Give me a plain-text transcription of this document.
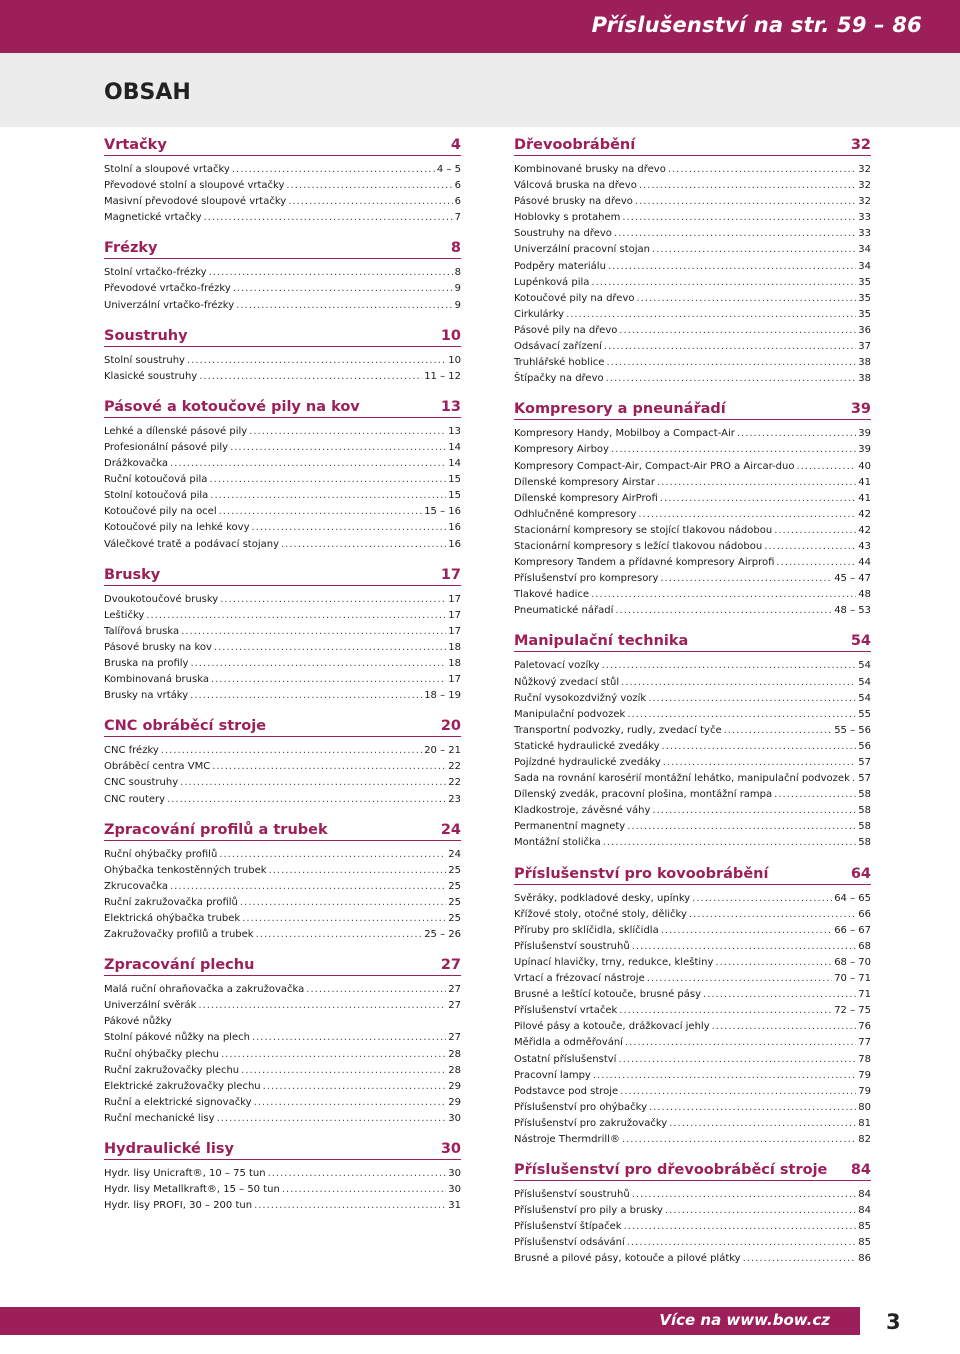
Příslušenství na str. 59 – 86
OBSAH
Vrtačky	4
Stolní a sloupové vrtačky .....	4 – 5
Převodové stolní a sloupové vrtačky .....	6
Masivní převodové sloupové vrtačky .....	6
Magnetické vrtačky .....	7
Frézky	8
Stolní vrtačko-frézky .....	8
Převodové vrtačko-frézky .....	9
Univerzální vrtačko-frézky .....	9
Soustruhy	10
Stolní soustruhy .....	10
Klasické soustruhy .....	11 – 12
Pásové a kotoučové pily na kov	13
Lehké a dílenské pásové pily .....	13
Profesionální pásové pily .....	14
Drážkovačka .....	14
Ruční kotoučová pila .....	15
Stolní kotoučová pila .....	15
Kotoučové pily na ocel .....	15 – 16
Kotoučové pily na lehké kovy .....	16
Válečkové tratě a podávací stojany .....	16
Brusky	17
Dvoukotoučové brusky .....	17
Leštičky .....	17
Talířová bruska .....	17
Pásové brusky na kov .....	18
Bruska na profily .....	18
Kombinovaná bruska .....	17
Brusky na vrtáky .....	18 – 19
CNC obráběcí stroje	20
CNC frézky .....	20 – 21
Obráběcí centra VMC .....	22
CNC soustruhy .....	22
CNC routery .....	23
Zpracování profilů a trubek	24
Ruční ohýbačky profilů .....	24
Ohýbačka tenkostěnných trubek .....	25
Zkrucovačka .....	25
Ruční zakružovačka profilů .....	25
Elektrická ohýbačka trubek .....	25
Zakružovačky profilů a trubek .....	25 – 26
Zpracování plechu	27
Malá ruční ohraňovačka a zakružovačka .....	27
Univerzální svěrák .....	27
Pákové nůžky
Stolní pákové nůžky na plech .....	27
Ruční ohýbačky plechu .....	28
Ruční zakružovačky plechu .....	28
Elektrické zakružovačky plechu .....	29
Ruční a elektrické signovačky .....	29
Ruční mechanické lisy .....	30
Hydraulické lisy	30
Hydr. lisy Unicraft®, 10 – 75 tun .....	30
Hydr. lisy Metallkraft®, 15 – 50 tun .....	30
Hydr. lisy PROFI, 30 – 200 tun .....	31
Dřevoobrábění	32
Kombinované brusky na dřevo .....	32
Válcová bruska na dřevo .....	32
Pásové brusky na dřevo .....	32
Hoblovky s protahem .....	33
Soustruhy na dřevo .....	33
Univerzální pracovní stojan .....	34
Podpěry materiálu .....	34
Lupénková pila .....	35
Kotoučové pily na dřevo .....	35
Cirkulárky .....	35
Pásové pily na dřevo .....	36
Odsávací zařízení .....	37
Truhlářské hoblice .....	38
Štípačky na dřevo .....	38
Kompresory a pneunářadí	39
Kompresory Handy, Mobilboy a Compact-Air .....	39
Kompresory Airboy .....	39
Kompresory Compact-Air, Compact-Air PRO a Aircar-duo .....	40
Dílenské kompresory Airstar .....	41
Dílenské kompresory AirProfi .....	41
Odhlučněné kompresory .....	42
Stacionární kompresory se stojící tlakovou nádobou .....	42
Stacionární kompresory s ležící tlakovou nádobou .....	43
Kompresory Tandem a přídavné kompresory Airprofi .....	44
Příslušenství pro kompresory .....	45 – 47
Tlakové hadice .....	48
Pneumatické nářadí .....	48 – 53
Manipulační technika	54
Paletovací vozíky .....	54
Nůžkový zvedací stůl .....	54
Ruční vysokozdvižný vozík .....	54
Manipulační podvozek .....	55
Transportní podvozky, rudly, zvedací tyče .....	55 – 56
Statické hydraulické zvedáky .....	56
Pojízdné hydraulické zvedáky .....	57
Sada na rovnání karosérií montážní lehátko, manipulační podvozek ..... 57
Dílenský zvedák, pracovní plošina, montážní rampa .....	58
Kladkostroje, závěsné váhy .....	58
Permanentní magnety .....	58
Montážní stolička .....	58
Příslušenství pro kovoobrábění	64
Svěráky, podkladové desky, upínky .....	64 – 65
Křížové stoly, otočné stoly, děličky .....	66
Příruby pro sklíčidla, sklíčidla .....	66 – 67
Příslušenství soustruhů .....	68
Upínací hlavičky, trny, redukce, kleštiny .....	68 – 70
Vrtací a frézovací nástroje .....	70 – 71
Brusné a leštící kotouče, brusné pásy .....	71
Příslušenství vrtaček .....	72 – 75
Pilové pásy a kotouče, drážkovací jehly .....	76
Měřidla a odměřování .....	77
Ostatní příslušenství .....	78
Pracovní lampy .....	79
Podstavce pod stroje .....	79
Příslušenství pro ohýbačky .....	80
Příslušenství pro zakružovačky .....	81
Nástroje Thermdrill® .....	82
Příslušenství pro dřevoobráběcí stroje 84
Příslušenství soustruhů .....	84
Příslušenství pro pily a brusky .....	84
Příslušenství štípaček .....	85
Příslušenství odsávání .....	85
Brusné a pilové pásy, kotouče a pilové plátky .....	86
Více na www.bow.cz	3
